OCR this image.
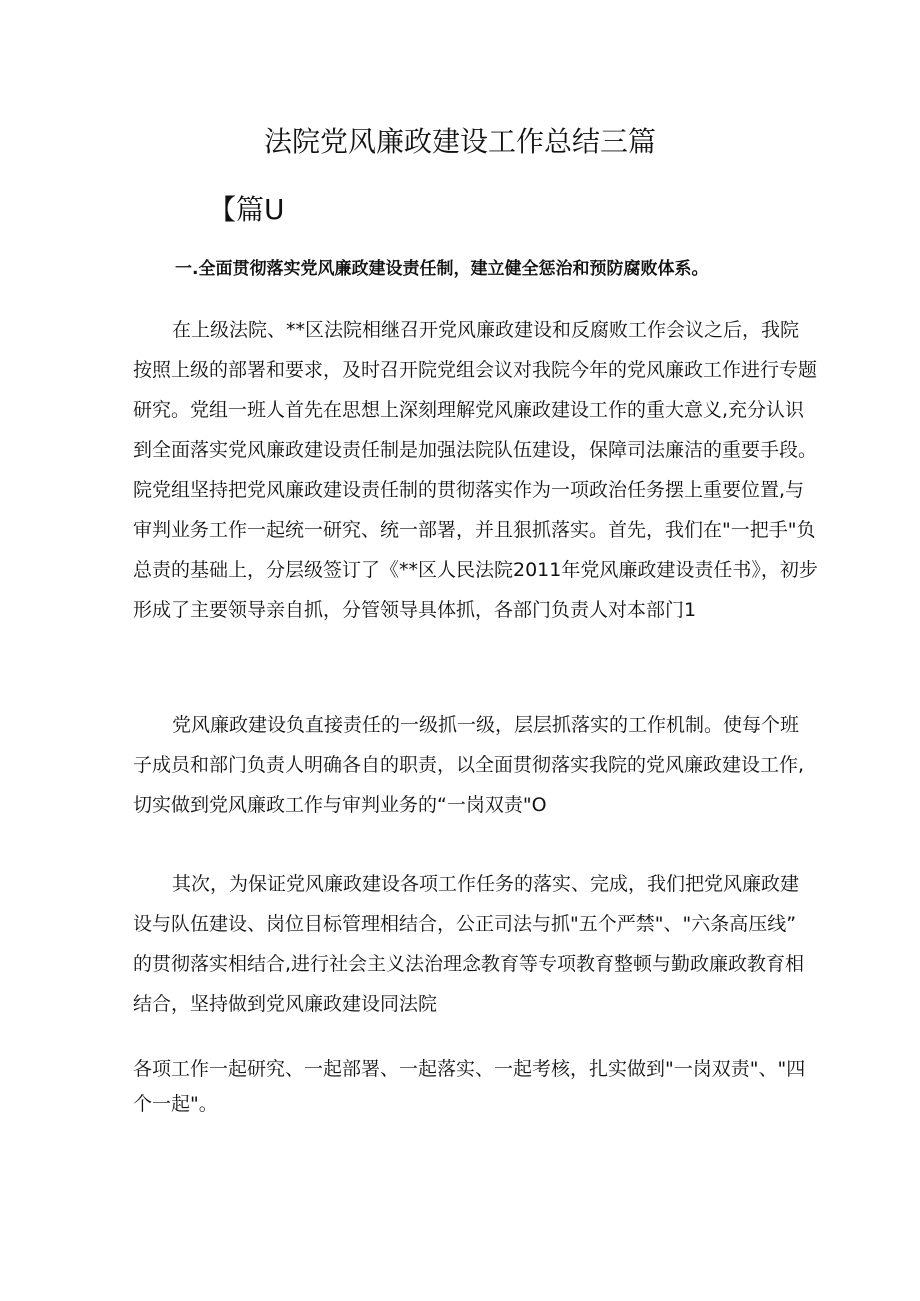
法院党风廉政建设工作总结三篇
【篇U
一.全面贯彻落实党风廉政建设责任制，建立健全惩治和预防腐败体系。
在上级法院、**区法院相继召开党风廉政建设和反腐败工作会议之后，我院
按照上级的部署和要求，及时召开院党组会议对我院今年的党风廉政工作进行专题
研究。党组一班人首先在思想上深刻理解党风廉政建设工作的重大意义,充分认识
到全面落实党风廉政建设责任制是加强法院队伍建设，保障司法廉洁的重要手段。
院党组坚持把党风廉政建设责任制的贯彻落实作为一项政治任务摆上重要位置,与
审判业务工作一起统一研究、统一部署，并且狠抓落实。首先，我们在"一把手"负
总责的基础上，分层级签订了《**区人民法院2011年党风廉政建设责任书》，初步
形成了主要领导亲自抓，分管领导具体抓，各部门负责人对本部门1
党风廉政建设负直接责任的一级抓一级，层层抓落实的工作机制。使每个班
子成员和部门负责人明确各自的职责，以全面贯彻落实我院的党风廉政建设工作,
切实做到党风廉政工作与审判业务的“一岗双责"O
其次，为保证党风廉政建设各项工作任务的落实、完成，我们把党风廉政建
设与队伍建设、岗位目标管理相结合，公正司法与抓"五个严禁"、"六条高压线”
的贯彻落实相结合,进行社会主义法治理念教育等专项教育整顿与勤政廉政教育相
结合，坚持做到党风廉政建设同法院
各项工作一起研究、一起部署、一起落实、一起考核，扎实做到"一岗双责"、"四
个一起"。
